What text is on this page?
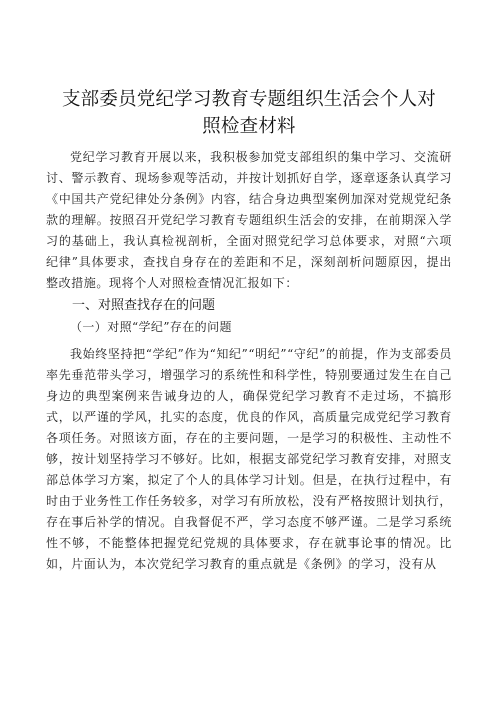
支部委员党纪学习教育专题组织生活会个人对
照检查材料

党纪学习教育开展以来，我积极参加党支部组织的集中学习、交流研讨、警示教育、现场参观等活动，并按计划抓好自学，逐章逐条认真学习《中国共产党纪律处分条例》内容，结合身边典型案例加深对党规党纪条款的理解。按照召开党纪学习教育专题组织生活会的安排，在前期深入学习的基础上，我认真检视剖析，全面对照党纪学习总体要求，对照“六项纪律”具体要求，查找自身存在的差距和不足，深刻剖析问题原因，提出整改措施。现将个人对照检查情况汇报如下：

一、对照查找存在的问题
（一）对照“学纪”存在的问题

我始终坚持把“学纪”作为“知纪”“明纪”“守纪”的前提，作为支部委员率先垂范带头学习，增强学习的系统性和科学性，特别要通过发生在自己身边的典型案例来告诫身边的人，确保党纪学习教育不走过场，不搞形式，以严谨的学风，扎实的态度，优良的作风，高质量完成党纪学习教育各项任务。对照该方面，存在的主要问题，一是学习的积极性、主动性不够，按计划坚持学习不够好。比如，根据支部党纪学习教育安排，对照支部总体学习方案，拟定了个人的具体学习计划。但是，在执行过程中，有时由于业务性工作任务较多，对学习有所放松，没有严格按照计划执行，存在事后补学的情况。自我督促不严，学习态度不够严谨。二是学习系统性不够，不能整体把握党纪党规的具体要求，存在就事论事的情况。比如，片面认为，本次党纪学习教育的重点就是《条例》的学习，没有从
